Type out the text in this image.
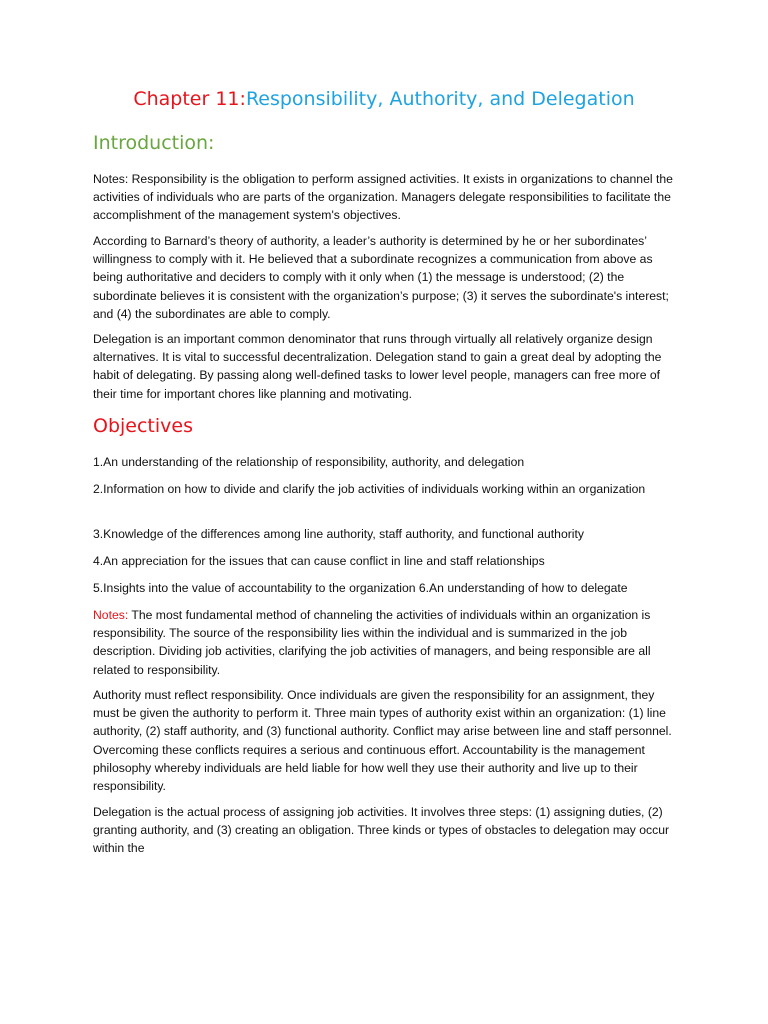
Chapter 11:Responsibility, Authority, and Delegation
Introduction:

Notes: Responsibility is the obligation to perform assigned activities. It exists in organizations to channel the activities of individuals who are parts of the organization. Managers delegate responsibilities to facilitate the accomplishment of the management system's objectives.

According to Barnard’s theory of authority, a leader’s authority is determined by he or her subordinates’ willingness to comply with it. He believed that a subordinate recognizes a communication from above as being authoritative and deciders to comply with it only when (1) the message is understood; (2) the subordinate believes it is consistent with the organization’s purpose; (3) it serves the subordinate's interest; and (4) the subordinates are able to comply.

Delegation is an important common denominator that runs through virtually all relatively organize design alternatives. It is vital to successful decentralization. Delegation stand to gain a great deal by adopting the habit of delegating. By passing along well-defined tasks to lower level people, managers can free more of their time for important chores like planning and motivating.

Objectives
1.An understanding of the relationship of responsibility, authority, and delegation
2.Information on how to divide and clarify the job activities of individuals working within an organization
3.Knowledge of the differences among line authority, staff authority, and functional authority
4.An appreciation for the issues that can cause conflict in line and staff relationships
5.Insights into the value of accountability to the organization 6.An understanding of how to delegate

Notes: The most fundamental method of channeling the activities of individuals within an organization is responsibility. The source of the responsibility lies within the individual and is summarized in the job description. Dividing job activities, clarifying the job activities of managers, and being responsible are all related to responsibility.

Authority must reflect responsibility. Once individuals are given the responsibility for an assignment, they must be given the authority to perform it. Three main types of authority exist within an organization: (1) line authority, (2) staff authority, and (3) functional authority. Conflict may arise between line and staff personnel. Overcoming these conflicts requires a serious and continuous effort. Accountability is the management philosophy whereby individuals are held liable for how well they use their authority and live up to their responsibility.

Delegation is the actual process of assigning job activities. It involves three steps: (1) assigning duties, (2) granting authority, and (3) creating an obligation. Three kinds or types of obstacles to delegation may occur within the
